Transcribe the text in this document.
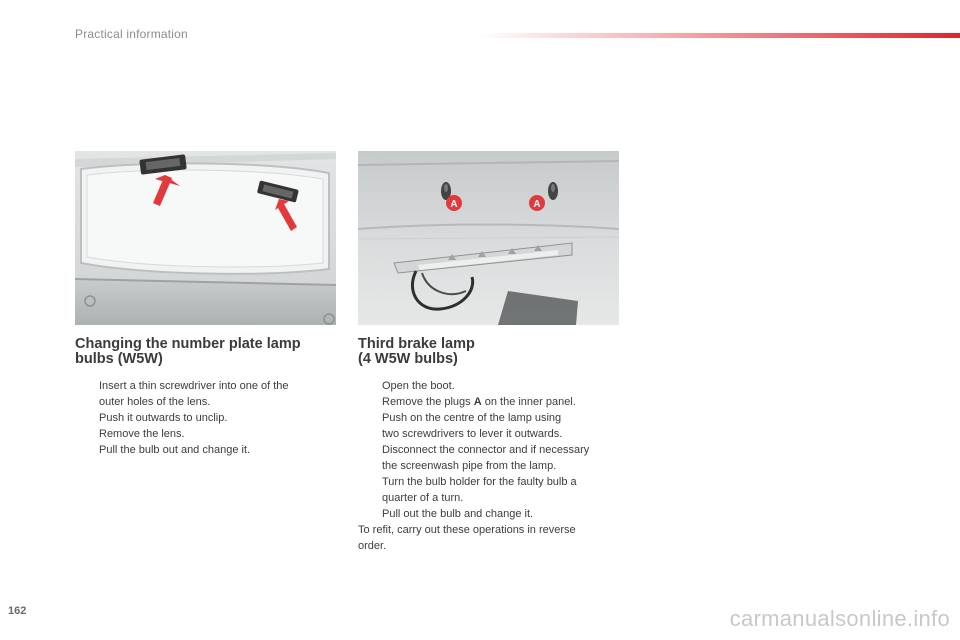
Practical information
A	A
Changing the number plate lamp
bulbs (W5W)
Insert a thin screwdriver into one of the
outer holes of the lens.
Push it outwards to unclip.
Remove the lens.
Pull the bulb out and change it.
Third brake lamp
(4 W5W bulbs)
Open the boot.
Remove the plugs A on the inner panel.
Push on the centre of the lamp using
two screwdrivers to lever it outwards.
Disconnect the connector and if necessary
the screenwash pipe from the lamp.
Turn the bulb holder for the faulty bulb a
quarter of a turn.
Pull out the bulb and change it.

To refit, carry out these operations in reverse
order.

162	carmanualsonline.info
